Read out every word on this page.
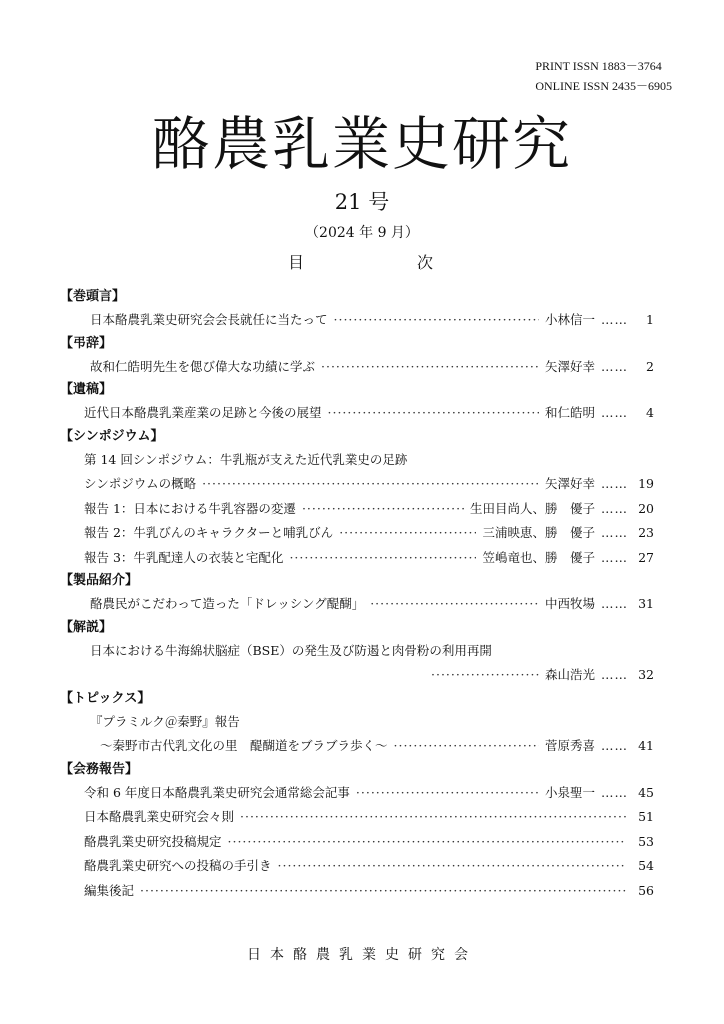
PRINT ISSN 1883－3764
ONLINE ISSN 2435－6905
酪農乳業史研究
21 号
（2024 年 9 月）
目	次
【巻頭言】
日本酪農乳業史研究会会長就任に当たって ·····	小林信一 ……	1
【弔辞】
故和仁皓明先生を偲び偉大な功績に学ぶ ·····	矢澤好幸 ……	2
【遺稿】
近代日本酪農乳業産業の足跡と今後の展望 ·····	和仁皓明 ……	4
【シンポジウム】
第 14 回シンポジウム：牛乳瓶が支えた近代乳業史の足跡
シンポジウムの概略 ·····	矢澤好幸 …… 19
報告 1：日本における牛乳容器の変遷 ·····	生田目尚人、勝　優子 …… 20
報告 2：牛乳びんのキャラクターと哺乳びん ·····	三浦映恵、勝　優子 …… 23
報告 3：牛乳配達人の衣装と宅配化 ·····	笠嶋竜也、勝　優子 …… 27
【製品紹介】
酪農民がこだわって造った「ドレッシング醍醐」 ·····	中西牧場 …… 31
【解説】
日本における牛海綿状脳症（BSE）の発生及び防遏と肉骨粉の利用再開
·····
森山浩光 …… 32
【トピックス】
『プラミルク＠秦野』報告
～秦野市古代乳文化の里　醍醐道をブラブラ歩く～ ·····	菅原秀喜 …… 41
【会務報告】
令和 6 年度日本酪農乳業史研究会通常総会記事 ·····	小泉聖一 …… 45
日本酪農乳業史研究会々則 ·····	51
酪農乳業史研究投稿規定 ·····	53
酪農乳業史研究への投稿の手引き ·····	54
編集後記 ·····	56
日本酪農乳業史研究会
